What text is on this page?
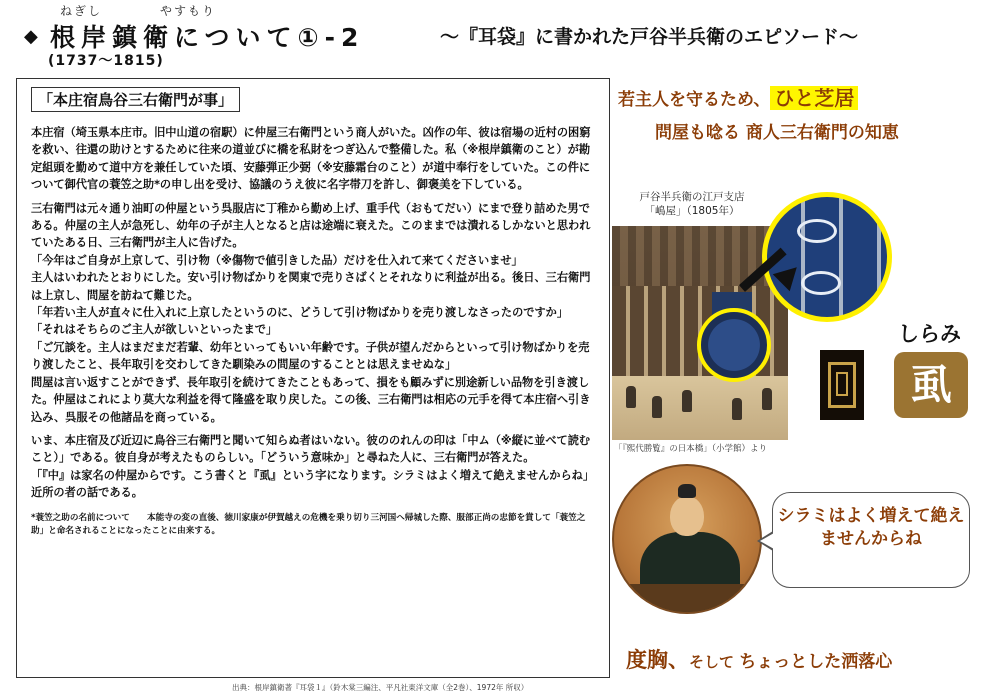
ねぎし	やすもり
◆ 根岸鎮衛について①-2	～『耳袋』に書かれた戸谷半兵衛のエピソード～
(1737～1815)
「本庄宿鳥谷三右衛門が事」

本庄宿（埼玉県本庄市。旧中山道の宿駅）に仲屋三右衛門という商人がいた。凶作の年、彼は宿場の近村の困窮を救い、往還の助けとするために往来の道並びに橋を私財をつぎ込んで整備した。私（※根岸鎮衛のこと）が勘定組頭を勤めて道中方を兼任していた頃、安藤弾正少弼（※安藤霜台のこと）が道中奉行をしていた。この件について御代官の蓑笠之助*の申し出を受け、協議のうえ彼に名字帯刀を許し、御褒美を下している。

三右衛門は元々通り油町の仲屋という呉服店に丁稚から勤め上げ、重手代（おもてだい）にまで登り詰めた男である。仲屋の主人が急死し、幼年の子が主人となると店は途端に衰えた。このままでは潰れるしかないと思われていたある日、三右衛門が主人に告げた。

「今年はご自身が上京して、引け物（※傷物で値引きした品）だけを仕入れて来てくださいませ」

主人はいわれたとおりにした。安い引け物ばかりを関東で売りさばくとそれなりに利益が出る。後日、三右衛門は上京し、問屋を訪ねて難じた。

「年若い主人が直々に仕入れに上京したというのに、どうして引け物ばかりを売り渡しなさったのですか」

「それはそちらのご主人が欲しいといったまで」

「ご冗談を。主人はまだまだ若輩、幼年といってもいい年齢です。子供が望んだからといって引け物ばかりを売り渡したこと、長年取引を交わしてきた馴染みの問屋のすることとは思えませぬな」

問屋は言い返すことができず、長年取引を続けてきたこともあって、損をも顧みずに別途新しい品物を引き渡した。仲屋はこれにより莫大な利益を得て隆盛を取り戻した。この後、三右衛門は相応の元手を得て本庄宿へ引き込み、呉服その他諸品を商っている。

いま、本庄宿及び近辺に鳥谷三右衛門と聞いて知らぬ者はいない。彼ののれんの印は「中ム（※縦に並べて読むこと）」である。彼自身が考えたものらしい。「どういう意味か」と尋ねた人に、三右衛門が答えた。

「『中』は家名の仲屋からです。こう書くと『虱』という字になります。シラミはよく増えて絶えませんからね」近所の者の話である。

*蓑笠之助の名前について　　本能寺の変の直後、徳川家康が伊賀越えの危機を乗り切り三河国へ帰城した際、服部正尚の忠節を賞して「蓑笠之助」と命名されることになったことに由来する。

出典：根岸鎮衛著『耳袋１』（鈴木棠三編注、平凡社東洋文庫（全2巻）、1972年 所収）
若主人を守るため、 ひと芝居
問屋も唸る 商人三右衛門の知恵
戸谷半兵衛の江戸支店
「嶋屋」（1805年）
「『熙代勝覧』の日本橋」（小学館）より
しらみ
虱
シラミはよく増えて絶えませんからね
度胸、そして ちょっとした洒落心
